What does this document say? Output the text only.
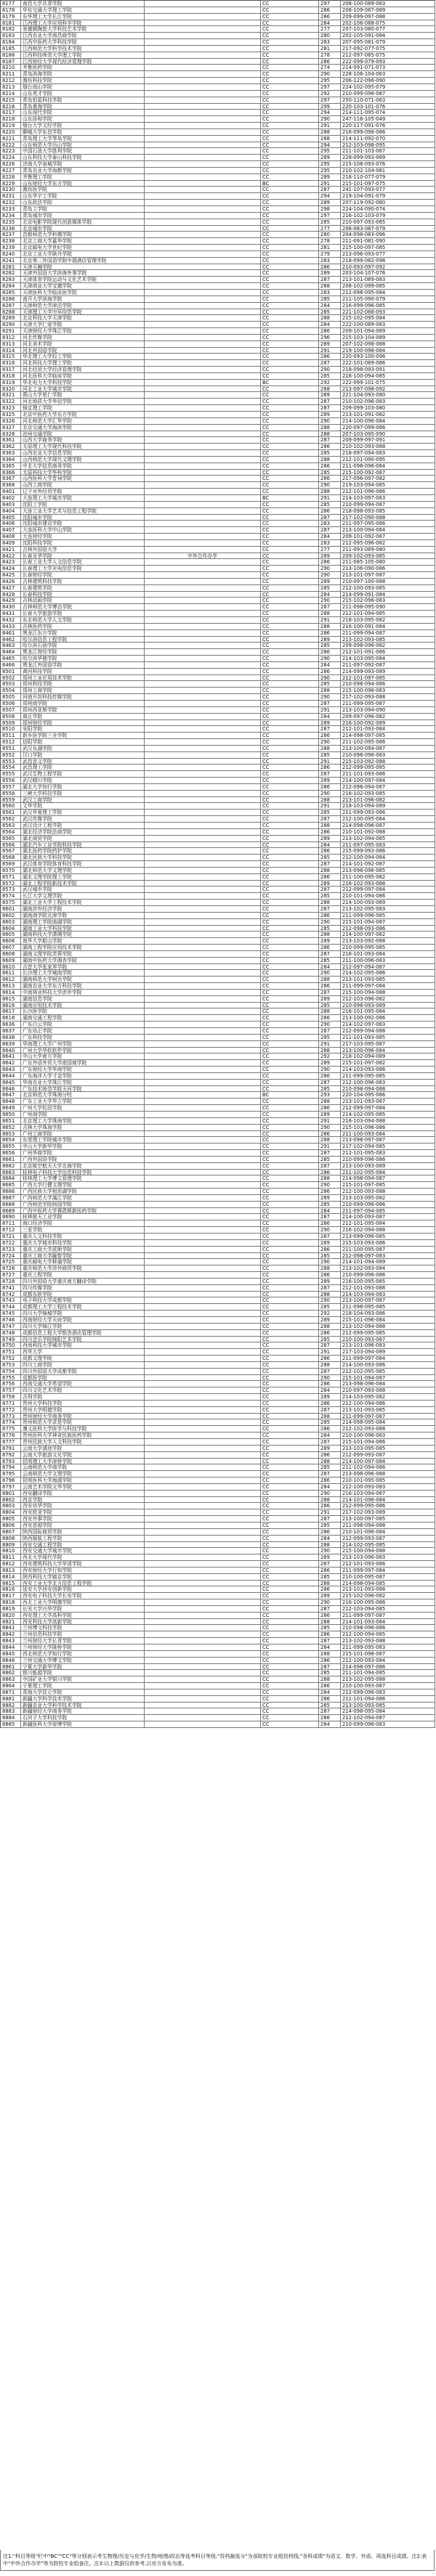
8177	南昌大学共青学院	CC	297	208-100-089-083
8178	华东交通大学理工学院	CC	286	208-109-087-089
8179	东华理工大学长江学院	CC	286	209-099-097-088
8181	江西理工大学应用科学学院	CC	284	202-106-088-075
8182	景德镇陶瓷大学科技艺术学院	CC	277	207-103-080-077
8183	江西农业大学南昌商学院	CC	280	202-105-091-084
8184	江西中医药大学科技学院	CC	283	207-095-081-079
8185	江西师范大学科学技术学院	CC	281	217-092-077-075
8186	江西科技师范大学理工学院	CC	278	212-097-085-075
8187	江西财经大学现代经济管理学院	CC	286	222-099-079-093
8210	齐鲁医药学院	CC	274	214-091-071-073
8211	青岛滨海学院	CC	290	228-106-104-063
8212	潍坊科技学院	CC	295	206-122-096-090
8213	烟台南山学院	CC	297	224-102-095-079
8214	山东英才学院	CC	292	210-099-096-087
8215	青岛恒星科技学院	CC	297	250-110-071-063
8216	青岛黄海学院	CC	299	220-103-101-076
8217	山东现代学院	CC	294	214-111-095-074
8218	山东协和学院	CC	290	247-116-105-049
8219	烟台大学文经学院	CC	291	220-117-091-076
8220	聊城大学东昌学院	CC	288	216-099-098-086
8221	青岛理工大学琴岛学院	CC	288	214-111-092-070
8222	山东师范大学历山学院	CC	294	212-103-098-095
8223	中国石油大学胜利学院	CC	295	211-101-103-067
8224	山东科技大学泰山科技学院	CC	289	228-099-093-069
8226	济南大学泉城学院	CC	295	215-108-093-076
8227	青岛农业大学海都学院	CC	295	210-102-104-081
8228	齐鲁理工学院	CC	289	218-110-077-079
8229	山东财经大学东方学院	BC	291	215-101-097-075
8230	潍坊医学院	CC	287	241-107-093-077
8231	山东华宇工学院	CC	294	219-104-091-079
8232	山东政法学院	CC	289	207-119-092-080
8233	青岛工学院	CC	298	224-104-090-074
8234	青岛城市学院	CC	297	216-102-103-079
8235	北京电影学院现代创意媒体学院	CC	285	210-097-093-085
8236	北京城市学院	CC	277	206-083-087-079
8237	首都师范大学科德学院	CC	280	204-098-083-096
8238	北京工商大学嘉华学院	CC	278	211-091-081-090
8239	北京邮电大学世纪学院	CC	281	215-100-097-085
8240	北京工业大学耿丹学院	CC	279	213-096-093-077
8241	北京第二外国语学院中瑞酒店管理学院	CC	283	218-099-082-098
8281	天津天狮学院	CC	286	210-093-097-092
8282	天津外国语大学滨海外事学院	CC	289	203-104-107-076
8283	天津体育学院运动与文化艺术学院	CC	287	213-101-089-083
8284	天津商业大学宝德学院	CC	288	208-102-099-085
8285	天津医科大学临床医学院	CC	283	212-098-095-084
8286	南开大学滨海学院	CC	285	211-105-090-079
8287	天津师范大学津沽学院	CC	284	216-099-096-085
8288	天津理工大学中环信息学院	CC	285	221-102-088-093
8289	北京科技大学天津学院	CC	288	215-102-095-084
8290	天津大学仁爱学院	CC	284	222-100-089-083
8291	天津财经大学珠江学院	CC	286	209-101-094-089
8312	河北传媒学院	CC	296	215-103-104-089
8313	河北美术学院	CC	289	207-102-098-088
8314	河北外国语学院	CC	291	219-100-098-084
8315	华北理工大学轻工学院	CC	286	220-093-100-096
8316	河北科技大学理工学院	CC	287	222-101-089-086
8317	河北经贸大学经济管理学院	CC	290	218-098-093-091
8318	河北医科大学临床学院	CC	285	216-100-094-085
8319	华北电力大学科技学院	BC	292	222-099-101-075
8320	河北工业大学城市学院	CC	288	213-097-098-092
8321	燕山大学里仁学院	CC	289	221-104-093-080
8322	河北地质大学华信学院	CC	287	210-102-096-083
8323	保定理工学院	CC	287	209-099-103-080
8325	北京中医药大学东方学院	CC	289	213-101-091-082
8326	河北师范大学汇华学院	CC	290	214-100-096-084
8327	北京交通大学海滨学院	CC	288	220-097-099-086
8328	沧州交通学院	CC	288	207-103-095-090
8361	山西大学商务学院	CC	287	209-099-097-091
8362	太原理工大学现代科技学院	CC	286	210-102-093-088
8363	山西农业大学信息学院	CC	285	218-097-094-083
8364	山西师范大学现代文理学院	CC	288	212-101-090-095
8365	中北大学信息商务学院	CC	286	211-098-096-084
8366	太原科技大学华科学院	CC	285	215-100-092-087
8367	山西医科大学晋祠学院	CC	286	217-096-097-082
8368	山西工商学院	CC	290	219-103-094-085
8401	辽宁对外经贸学院	CC	288	212-101-096-086
8402	大连理工大学城市学院	BC	291	214-103-097-083
8403	沈阳工学院	CC	285	210-099-094-087
8404	大连工业大学艺术与信息工程学院	CC	286	218-098-093-085
8405	沈阳城市学院	CC	287	217-102-090-088
8406	沈阳城市建设学院	CC	283	211-097-095-086
8407	大连医科大学中山学院	CC	287	213-100-094-084
8408	大连财经学院	CC	284	209-101-092-087
8409	沈阳科技学院	CC	283	212-095-096-082
8421	吉林外国语大学	CC	277	211-093-089-080
8422	长春光华学院	中外合作办学	CC	289	209-102-093-085
8423	长春工业大学人文信息学院	CC	286	211-085-105-080
8424	长春理工大学光电信息学院	CC	290	213-106-090-086
8425	长春财经学院	CC	290	213-101-097-087
8426	吉林建筑科技学院	CC	289	210-097-100-088
8427	长春建筑学院	CC	285	212-100-093-085
8428	长春科技学院	CC	284	214-099-091-084
8429	吉林动画学院	CC	290	215-102-096-083
8430	吉林师范大学博达学院	CC	287	211-098-095-090
8431	长春大学旅游学院	CC	288	212-101-094-085
8432	东北师范大学人文学院	CC	291	218-103-095-082
8433	吉林医药学院	CC	288	216-100-091-084
8461	黑龙江东方学院	CC	286	211-099-094-087
8462	哈尔滨信息工程学院	CC	289	213-102-093-085
8463	哈尔滨石油学院	CC	285	209-098-096-082
8464	黑龙江财经学院	CC	286	212-101-091-086
8465	哈尔滨华德学院	CC	290	214-103-095-084
8466	黑龙江外国语学院	CC	284	211-097-092-087
8501	黄河科技学院	CC	286	214-099-093-089
8502	郑州工业应用技术学院	CC	290	212-101-097-085
8503	郑州科技学院	CC	285	210-098-094-086
8504	郑州工商学院	CC	288	215-100-096-083
8505	河南开封科技传媒学院	CC	290	217-102-093-088
8506	郑州商学院	CC	287	211-099-095-087
8507	郑州西亚斯学院	CC	291	213-103-094-090
8508	商丘学院	CC	284	209-097-096-082
8509	郑州财经学院	CC	289	216-100-092-089
8510	安阳学院	CC	287	212-101-093-084
8511	新乡医学院三全学院	CC	286	214-098-097-085
8512	信阳学院	CC	290	211-102-095-086
8551	武汉东湖学院	CC	288	213-100-094-087
8552	汉口学院	CC	285	210-098-096-083
8553	武昌首义学院	CC	291	215-103-092-088
8554	武昌理工学院	CC	286	212-099-095-085
8555	武汉生物工程学院	CC	287	211-101-093-086
8556	武汉晴川学院	CC	289	214-100-097-084
8557	湖北大学知行学院	CC	286	212-098-094-087
8558	三峡大学科技学院	CC	290	216-102-093-085
8559	武汉工商学院	CC	288	213-101-096-082
8560	文华学院	CC	291	218-103-094-089
8561	武汉华夏理工学院	CC	285	211-099-093-086
8562	武汉传媒学院	CC	287	212-100-095-084
8563	武汉设计工程学院	CC	288	214-098-096-087
8564	湖北经济学院法商学院	CC	286	210-101-092-088
8565	湖北商贸学院	CC	289	213-102-094-085
8566	湖北汽车工业学院科技学院	CC	284	211-097-095-083
8567	湖北医药学院药护学院	CC	286	215-099-093-086
8568	湖北民族大学科技学院	CC	285	212-100-094-084
8569	武汉体育学院体育科技学院	CC	287	214-101-092-087
8570	湖北师范大学文理学院	CC	288	213-098-096-085
8571	湖北文理学院理工学院	CC	286	211-100-095-082
8572	湖北工程学院新技术学院	CC	289	216-102-093-088
8573	武汉城市学院	CC	287	212-099-097-084
8574	长江大学文理学院	CC	285	210-101-094-086
8575	湖北工业大学工程技术学院	CC	288	214-100-093-089
8601	湖南涉外经济学院	CC	287	213-102-095-083
8602	湖南商学院北津学院	CC	286	211-099-096-085
8603	湖南理工学院南湖学院	CC	290	215-101-094-087
8604	湖南工业大学科技学院	CC	285	212-098-093-086
8605	湖南科技大学潇湘学院	CC	288	214-100-097-082
8606	南华大学船山学院	CC	289	213-103-092-088
8607	湖南工程学院应用技术学院	CC	286	210-099-095-085
8608	湖南文理学院芙蓉学院	CC	287	216-101-093-084
8609	湖南中医药大学湘杏学院	CC	285	211-100-096-083
8610	吉首大学张家界学院	CC	284	212-097-094-087
8611	长沙理工大学城南学院	CC	290	214-102-095-086
8612	湖南师范大学树达学院	CC	288	213-101-093-085
8613	湖南农业大学东方科技学院	CC	286	211-099-097-084
8614	中南林业科技大学涉外学院	CC	287	215-100-094-088
8615	湖南信息学院	CC	289	212-103-096-082
8616	湖南应用技术学院	CC	285	210-098-093-089
8617	长沙医学院	CC	288	216-101-095-084
8618	湖南交通工程学院	CC	286	213-100-092-086
8636	广东白云学院	CC	290	214-102-097-083
8637	广东培正学院	CC	287	212-099-094-088
8638	广东科技学院	CC	285	211-101-093-085
8639	华南理工大学广州学院	CC	291	217-103-095-087
8640	广州大学华软软件学院	CC	288	213-100-096-084
8641	中山大学南方学院	CC	292	218-102-094-089
8642	广东外语外贸大学南国商学院	CC	289	215-101-097-082
8643	广东财经大学华商学院	CC	290	214-103-093-086
8644	广东海洋大学寸金学院	CC	286	211-099-095-085
8645	华南农业大学珠江学院	CC	287	212-100-096-083
8646	广东技术师范学院天河学院	CC	285	210-098-094-088
8647	北京师范大学珠海分校	BC	293	220-104-095-086
8648	广东工业大学华立学院	CC	288	213-101-093-087
8649	广州大学松田学院	CC	286	212-099-097-084
8650	广州商学院	CC	289	214-102-095-085
8651	北京理工大学珠海学院	CC	291	216-103-094-088
8652	吉林大学珠海学院	CC	290	215-101-096-086
8653	广州工商学院	CC	286	211-100-093-084
8654	东莞理工学院城市学院	CC	288	213-098-097-087
8655	中山大学新华学院	CC	291	217-102-094-085
8656	广州华商学院	CC	287	212-101-095-083
8681	广西外国语学院	CC	285	210-099-096-086
8682	北京航空航天大学北海学院	CC	287	213-100-093-089
8683	桂林电子科技大学信息科技学院	CC	286	211-102-095-084
8684	桂林理工大学博文管理学院	CC	288	214-098-094-087
8685	广西大学行健文理学院	CC	290	215-101-097-085
8686	广西民族大学相思湖学院	CC	286	212-100-093-088
8687	广西师范大学漓江学院	CC	289	213-103-095-082
8688	广西师范学院师园学院	CC	285	210-099-096-086
8689	广西中医药大学赛恩斯新医药学院	CC	284	211-097-094-085
8690	桂林航天工业学院	CC	287	214-100-093-087
8711	海口经济学院	CC	286	212-101-095-084
8712	三亚学院	CC	290	216-102-094-088
8721	重庆人文科技学院	CC	287	213-099-096-085
8722	重庆大学城市科技学院	CC	289	215-103-093-086
8723	重庆工商大学派斯学院	CC	286	211-100-095-087
8724	重庆工商大学融智学院	CC	285	212-098-097-083
8725	重庆邮电大学移通学院	CC	290	214-101-094-089
8726	重庆师范大学涉外商贸学院	CC	288	213-102-093-084
8727	重庆工程学院	CC	286	210-099-096-086
8728	四川外国语大学重庆南方翻译学院	CC	289	216-100-095-085
8741	四川传媒学院	CC	287	212-101-093-088
8742	成都东软学院	CC	288	214-103-094-083
8743	电子科技大学成都学院	CC	290	213-100-097-087
8744	成都理工大学工程技术学院	CC	285	211-098-095-085
8745	四川大学锦城学院	CC	292	218-104-093-086
8746	西南财经大学天府学院	CC	289	215-101-096-084
8747	四川大学锦江学院	CC	288	213-102-094-088
8748	成都信息工程大学银杏酒店管理学院	CC	286	212-099-095-085
8749	四川音乐学院绵阳艺术学院	CC	285	210-100-093-087
8750	西南科技大学城市学院	CC	287	213-101-096-083
8751	西华大学	CC	291	217-103-094-089
8752	成都文理学院	CC	286	211-099-097-084
8753	四川工商学院	CC	288	214-100-093-086
8754	四川外国语大学成都学院	CC	287	212-102-095-085
8755	成都医学院	CC	290	215-101-094-087
8756	西南交通大学希望学院	CC	286	213-098-096-084
8757	四川文化艺术学院	CC	284	210-097-093-088
8758	吉利学院	CC	289	214-103-095-082
8771	贵州大学科技学院	CC	286	212-100-094-086
8772	贵州大学明德学院	CC	287	213-101-093-085
8773	贵州财经大学商务学院	CC	288	211-099-097-087
8774	贵州师范大学求是学院	CC	285	214-098-095-084
8775	遵义医科大学医学与科技学院	CC	286	212-102-093-088
8776	贵州医科大学神奇民族医药学院	CC	284	210-100-096-083
8777	贵州民族大学人文科技学院	CC	287	215-101-094-086
8791	云南大学滇池学院	CC	289	213-103-095-085
8792	云南大学旅游文化学院	CC	286	212-099-093-087
8793	昆明理工大学津桥学院	CC	288	214-100-097-084
8794	云南师范大学商学院	CC	285	211-102-094-086
8795	云南师范大学文理学院	CC	287	213-098-096-088
8796	昆明医科大学海源学院	CC	286	210-101-095-085
8797	云南艺术学院文华学院	CC	284	212-100-093-083
8801	西安翻译学院	CC	290	216-103-094-087
8802	西京学院	CC	288	214-101-096-084
8803	西安培华学院	CC	286	212-099-095-086
8804	西安欧亚学院	CC	291	217-102-093-089
8805	西安外事学院	CC	287	213-100-097-085
8806	西安思源学院	CC	285	211-098-094-088
8807	陕西国际商贸学院	CC	286	210-101-096-084
8808	陕西服装工程学院	CC	284	212-099-093-087
8809	西安交通工程学院	CC	288	214-102-095-085
8810	西安交通大学城市学院	CC	290	215-100-094-088
8811	西北大学现代学院	CC	289	213-103-096-083
8812	西安建筑科技大学华清学院	CC	287	212-101-093-086
8813	西安财经大学行知学院	CC	286	211-099-097-084
8814	陕西科技大学镐京学院	CC	285	210-100-095-087
8815	西安工业大学北方信息工程学院	CC	288	214-098-094-085
8816	延安大学西安创新学院	CC	286	213-101-093-088
8817	西安电子科技大学长安学院	CC	289	215-102-096-082
8818	西北工业大学明德学院	CC	290	216-100-095-086
8819	长安大学兴华学院	CC	287	212-103-094-085
8820	西安理工大学高科学院	CC	286	211-099-097-087
8821	西安科技大学高新学院	CC	288	214-101-093-084
8841	兰州博文科技学院	CC	285	210-098-096-086
8842	兰州信息科技学院	CC	286	212-100-094-085
8843	兰州财经大学长青学院	CC	287	213-102-093-088
8844	兰州财经大学陇桥学院	CC	284	211-099-095-083
8845	西北师范大学知行学院	CC	288	215-101-096-087
8846	兰州交通大学博文学院	CC	286	212-100-093-084
8861	宁夏大学新华学院	CC	287	214-098-097-086
8862	银川能源学院	CC	285	211-101-094-085
8863	中国矿业大学银川学院	CC	288	213-102-095-088
8864	宁夏理工学院	CC	286	210-100-093-087
8871	青海大学昆仑学院	CC	284	212-099-096-083
8881	新疆大学科学技术学院	CC	286	211-101-094-086
8882	新疆农业大学科学技术学院	CC	285	213-100-093-085
8883	新疆财经大学商务学院	CC	287	214-098-095-084
8884	石河子大学科技学院	CC	286	212-102-094-087
8885	新疆医科大学厚博学院	CC	284	210-099-096-083
注1:"科目等级"栏中"BC""CC"等分别表示考生物理/历史与化学/生物/地理/政治等选考科目等级;"投档最低分"为该院校专业组投档线;"各科成绩"为语文、数学、外语、再选科目成绩。注2:表中"中外合作办学"等为院校专业组备注。注3:以上数据仅供参考,以官方发布为准。
